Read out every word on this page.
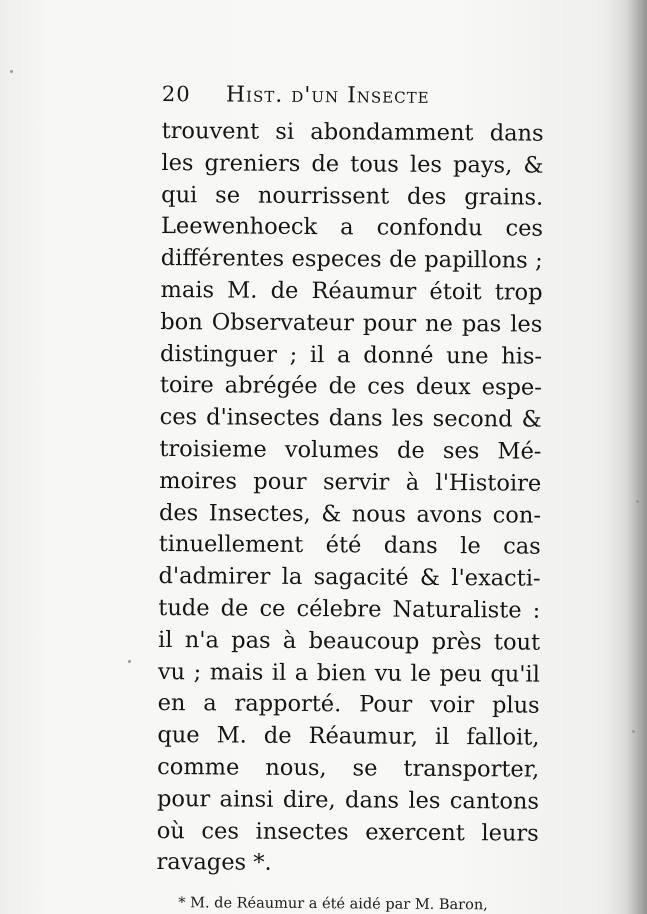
20	Hist. d'un Insecte
trouvent si abondamment dans
les greniers de tous les pays, &
qui se nourrissent des grains.
Leewenhoeck a confondu ces
différentes especes de papillons ;
mais M. de Réaumur étoit trop
bon Observateur pour ne pas les
distinguer ; il a donné une his-
toire abrégée de ces deux espe-
ces d'insectes dans les second &
troisieme volumes de ses Mé-
moires pour servir à l'Histoire
des Insectes, & nous avons con-
tinuellement été dans le cas
d'admirer la sagacité & l'exacti-
tude de ce célebre Naturaliste :
il n'a pas à beaucoup près tout
vu ; mais il a bien vu le peu qu'il
en a rapporté. Pour voir plus
que M. de Réaumur, il falloit,
comme nous, se transporter,
pour ainsi dire, dans les cantons
où ces insectes exercent leurs
ravages *.
* M. de Réaumur a été aidé par M. Baron,
